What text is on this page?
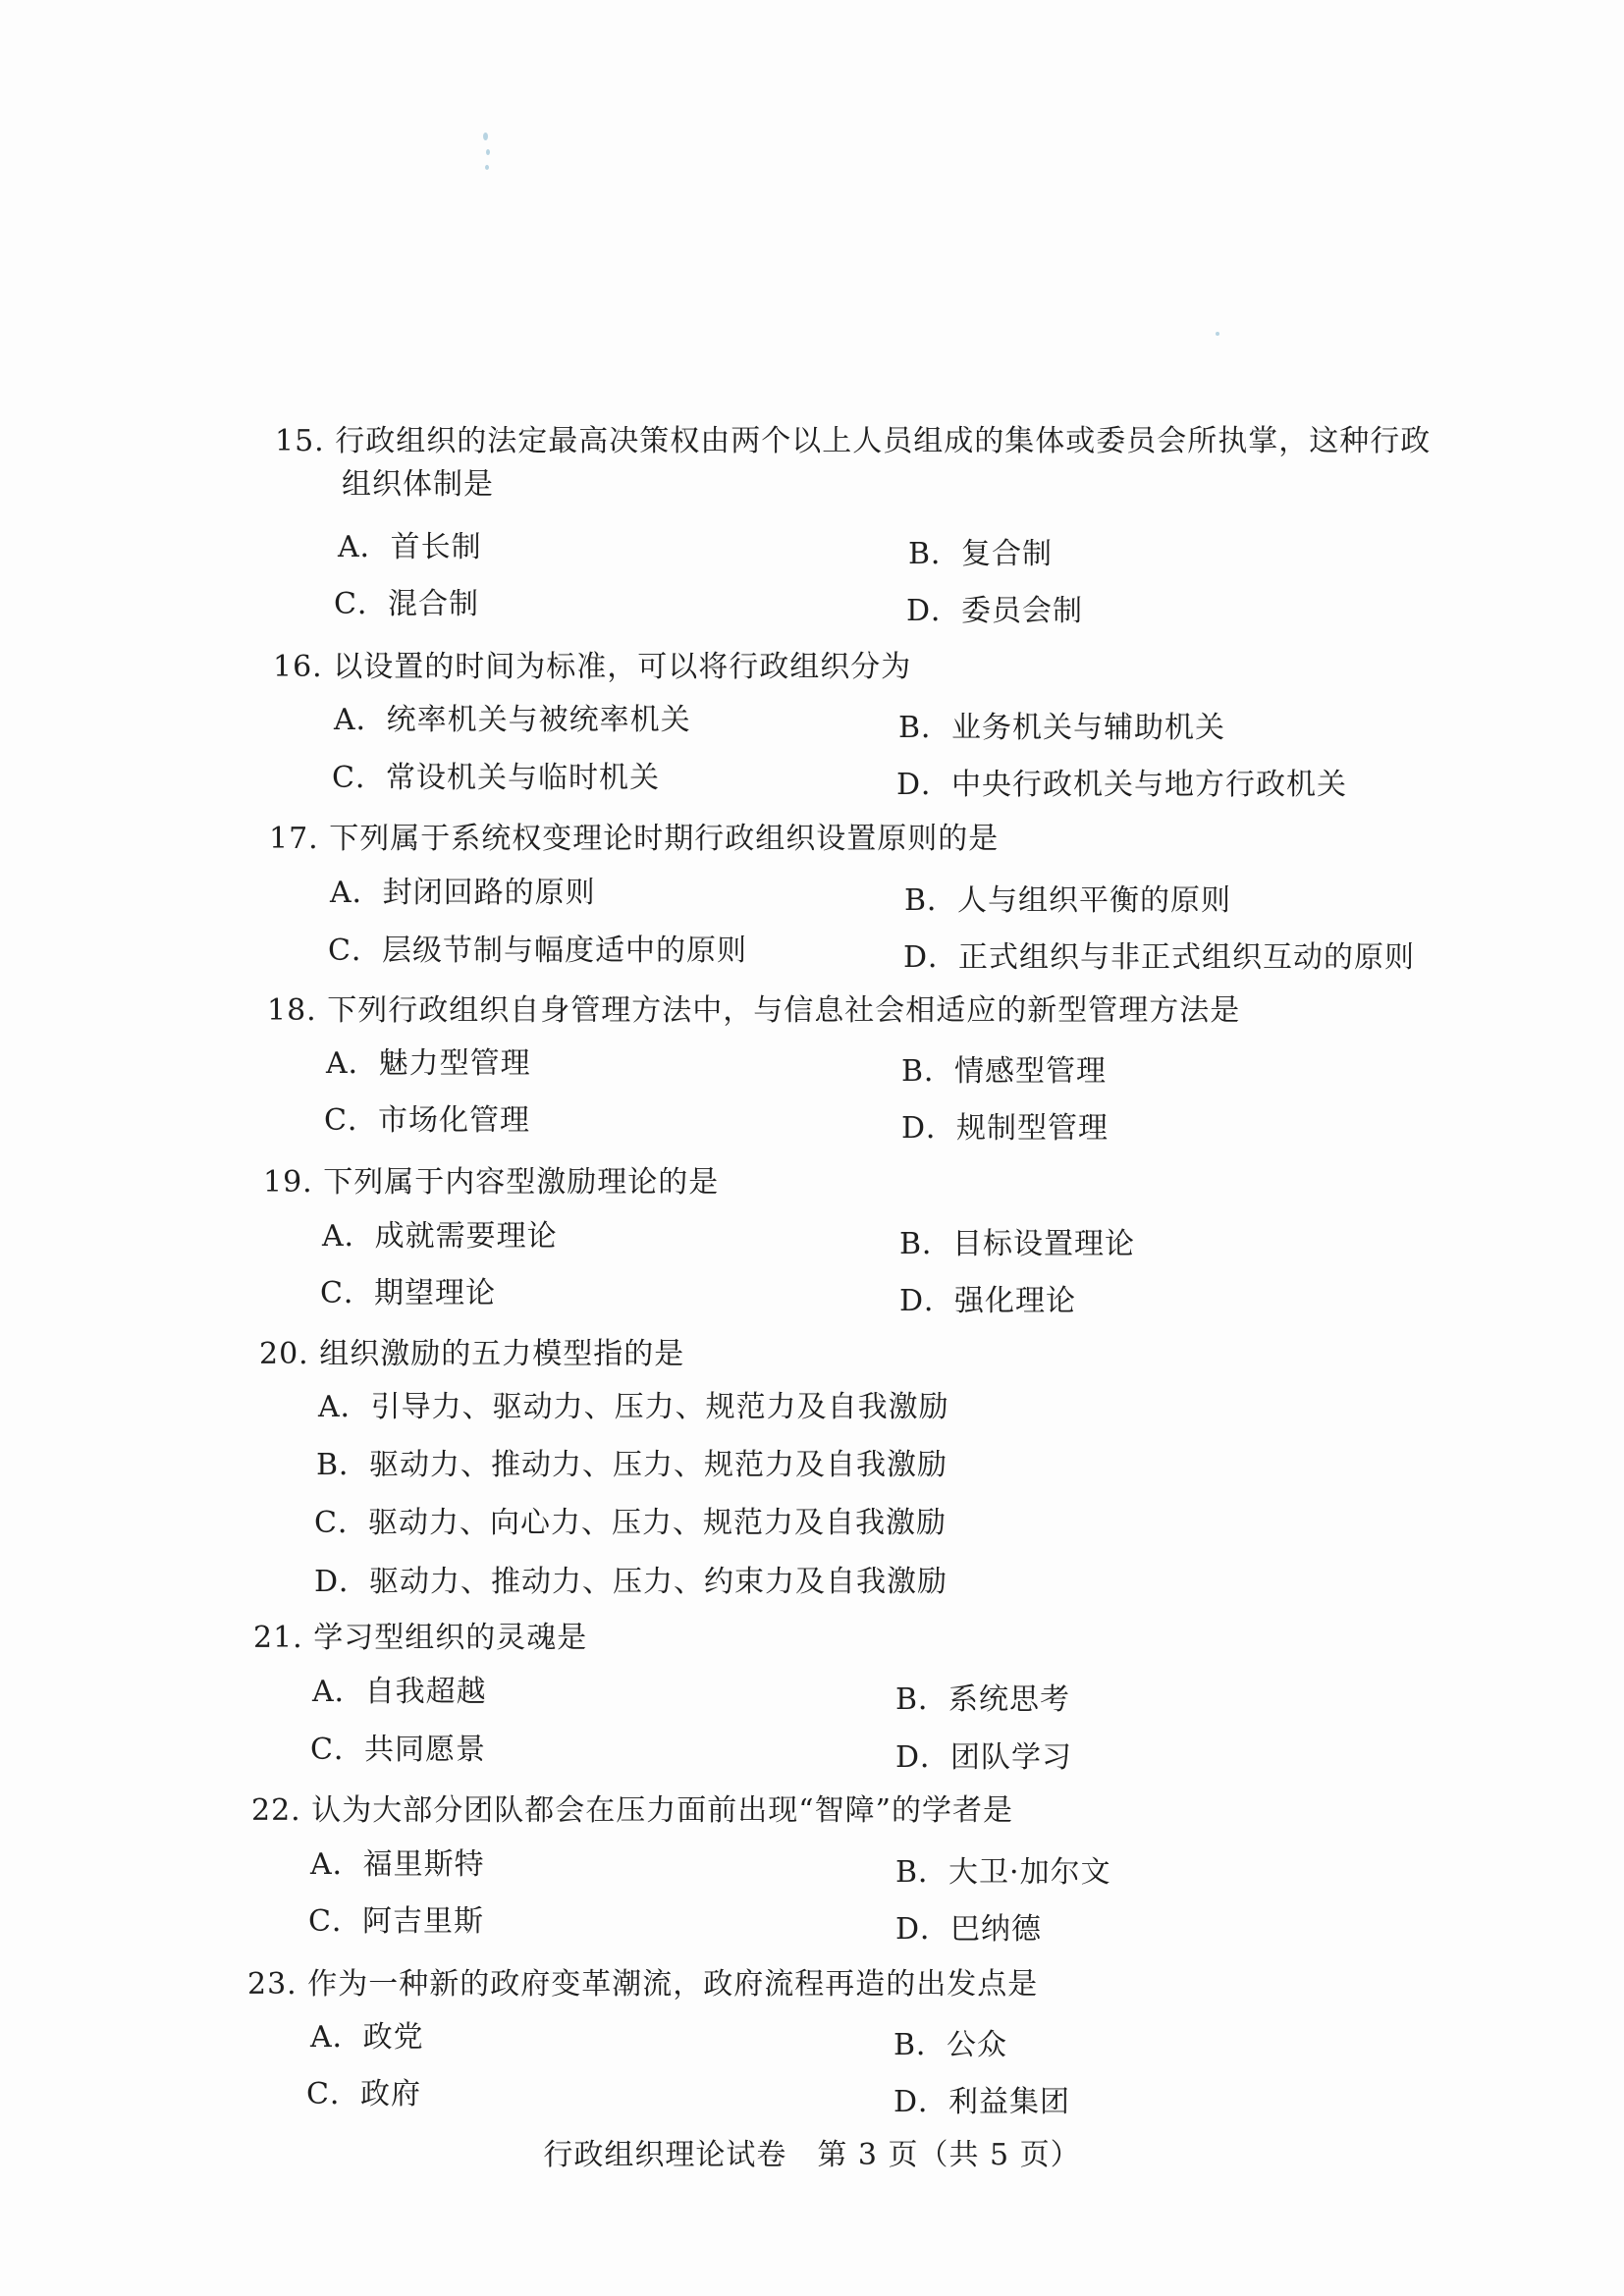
15. 行政组织的法定最高决策权由两个以上人员组成的集体或委员会所执掌，这种行政
组织体制是
A．首长制	B．复合制
C．混合制	D．委员会制
16. 以设置的时间为标准，可以将行政组织分为
A．统率机关与被统率机关	B．业务机关与辅助机关
C．常设机关与临时机关	D．中央行政机关与地方行政机关
17. 下列属于系统权变理论时期行政组织设置原则的是
A．封闭回路的原则	B．人与组织平衡的原则
C．层级节制与幅度适中的原则	D．正式组织与非正式组织互动的原则
18. 下列行政组织自身管理方法中，与信息社会相适应的新型管理方法是
A．魅力型管理	B．情感型管理
C．市场化管理	D．规制型管理
19. 下列属于内容型激励理论的是
A．成就需要理论	B．目标设置理论
C．期望理论	D．强化理论
20. 组织激励的五力模型指的是
A．引导力、驱动力、压力、规范力及自我激励
B．驱动力、推动力、压力、规范力及自我激励
C．驱动力、向心力、压力、规范力及自我激励
D．驱动力、推动力、压力、约束力及自我激励
21. 学习型组织的灵魂是
A．自我超越	B．系统思考
C．共同愿景	D．团队学习
22. 认为大部分团队都会在压力面前出现“智障”的学者是
A．福里斯特	B．大卫·加尔文
C．阿吉里斯	D．巴纳德
23. 作为一种新的政府变革潮流，政府流程再造的出发点是
A．政党	B．公众
C．政府	D．利益集团
行政组织理论试卷　第 3 页（共 5 页）
